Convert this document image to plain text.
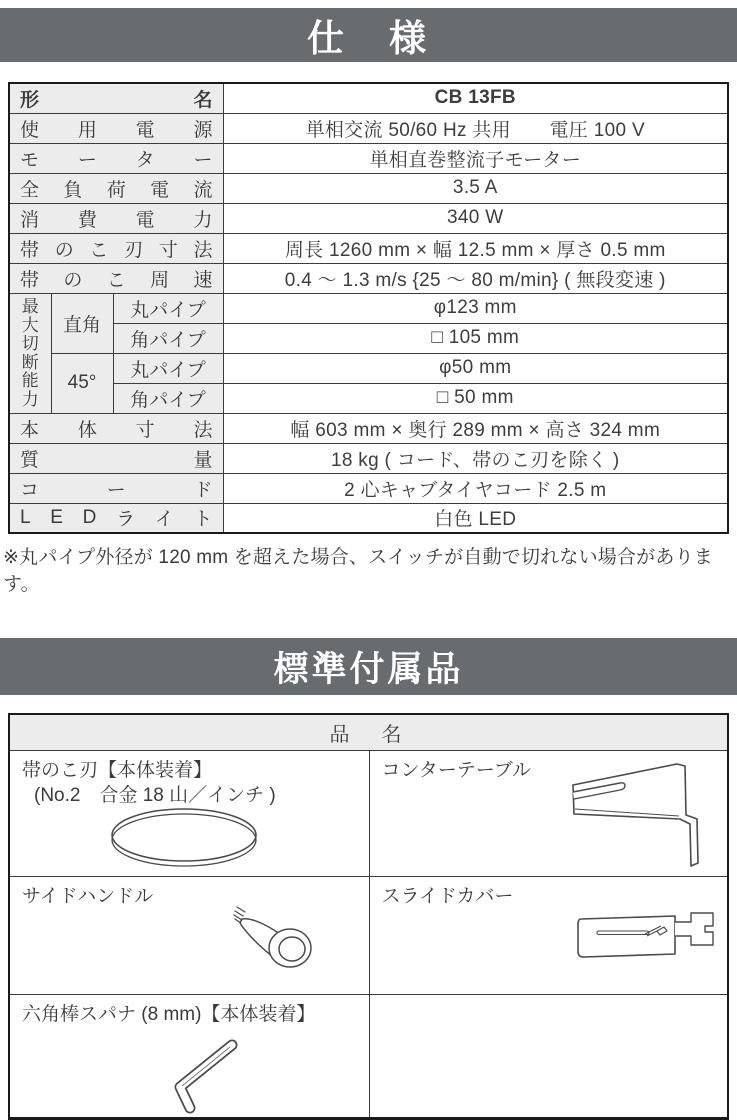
仕　様
形 名			CB 13FB

使 用 電 源			単相交流 50/60 Hz 共用　　電圧 100 V

モ ー タ ー			単相直巻整流子モーター

全 負 荷 電 流			3.5 A

消 費 電 力			340 W

帯 の こ 刃 寸 法	周長 1260 mm × 幅 12.5 mm × 厚さ 0.5 mm

帯 の こ 周 速			0.4 ～ 1.3 m/s {25 ～ 80 m/min} ( 無段変速 )

最
大
切
断
能
力
	直角	丸パイプ	φ123 mm
		角パイプ	□ 105 mm
	45°	丸パイプ	φ50 mm
		角パイプ	□ 50 mm

本 体 寸 法			幅 603 mm × 奥行 289 mm × 高さ 324 mm

質 量			18 kg ( コード、帯のこ刃を除く )

コ ー ド			2 心キャブタイヤコード 2.5 m

L E D ラ イ ト	白色 LED
※丸パイプ外径が 120 mm を超えた場合、スイッチが自動で切れない場合があります。
標準付属品
品　名	

帯のこ刃【本体装着】
(No.2　合金 18 山／インチ )	コンターテーブル

サイドハンドル	スライドカバー

六角棒スパナ (8 mm)【本体装着】	
